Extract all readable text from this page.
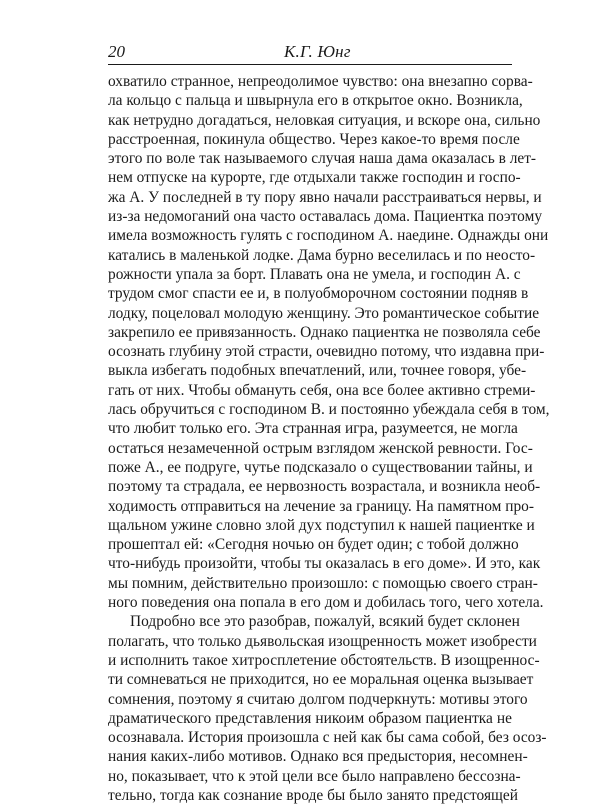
20	К.Г. Юнг
охватило странное, непреодолимое чувство: она внезапно сорва-
ла кольцо с пальца и швырнула его в открытое окно. Возникла,
как нетрудно догадаться, неловкая ситуация, и вскоре она, сильно
расстроенная, покинула общество. Через какое-то время после
этого по воле так называемого случая наша дама оказалась в лет-
нем отпуске на курорте, где отдыхали также господин и госпо-
жа А. У последней в ту пору явно начали расстраиваться нервы, и
из-за недомоганий она часто оставалась дома. Пациентка поэтому
имела возможность гулять с господином А. наедине. Однажды они
катались в маленькой лодке. Дама бурно веселилась и по неосто-
рожности упала за борт. Плавать она не умела, и господин А. с
трудом смог спасти ее и, в полуобморочном состоянии подняв в
лодку, поцеловал молодую женщину. Это романтическое событие
закрепило ее привязанность. Однако пациентка не позволяла себе
осознать глубину этой страсти, очевидно потому, что издавна при-
выкла избегать подобных впечатлений, или, точнее говоря, убе-
гать от них. Чтобы обмануть себя, она все более активно стреми-
лась обручиться с господином В. и постоянно убеждала себя в том,
что любит только его. Эта странная игра, разумеется, не могла
остаться незамеченной острым взглядом женской ревности. Гос-
поже А., ее подруге, чутье подсказало о существовании тайны, и
поэтому та страдала, ее нервозность возрастала, и возникла необ-
ходимость отправиться на лечение за границу. На памятном про-
щальном ужине словно злой дух подступил к нашей пациентке и
прошептал ей: «Сегодня ночью он будет один; с тобой должно
что-нибудь произойти, чтобы ты оказалась в его доме». И это, как
мы помним, действительно произошло: с помощью своего стран-
ного поведения она попала в его дом и добилась того, чего хотела.
Подробно все это разобрав, пожалуй, всякий будет склонен
полагать, что только дьявольская изощренность может изобрести
и исполнить такое хитросплетение обстоятельств. В изощреннос-
ти сомневаться не приходится, но ее моральная оценка вызывает
сомнения, поэтому я считаю долгом подчеркнуть: мотивы этого
драматического представления никоим образом пациентка не
осознавала. История произошла с ней как бы сама собой, без осоз-
нания каких-либо мотивов. Однако вся предыстория, несомнен-
но, показывает, что к этой цели все было направлено бессозна-
тельно, тогда как сознание вроде бы было занято предстоящей
